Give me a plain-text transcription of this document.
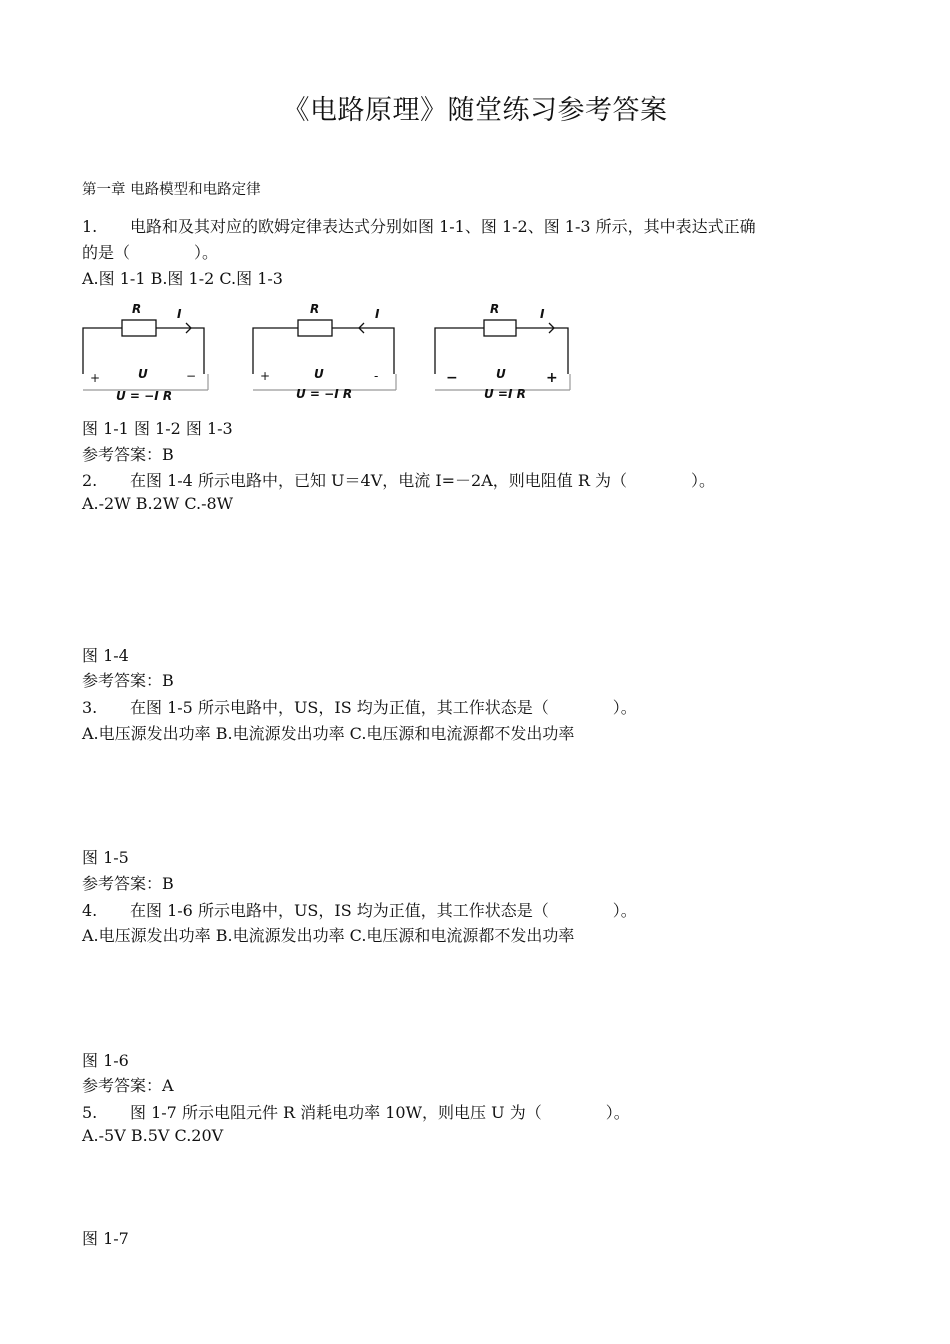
《电路原理》随堂练习参考答案
第一章 电路模型和电路定律
1. 电路和及其对应的欧姆定律表达式分别如图 1-1、图 1-2、图 1-3 所示，其中表达式正确
的是（　　　　）。
A.图 1-1 B.图 1-2 C.图 1-3
R	I
U
+	−
U = −I R
R	I
U
+	-
U = −I R
R	I
U
−	+
U =I R
图 1-1 图 1-2 图 1-3
参考答案：B
2. 在图 1-4 所示电路中，已知 U＝4V，电流 I=－2A，则电阻值 R 为（　　　　）。
A.-2W B.2W C.-8W
图 1-4
参考答案：B
3. 在图 1-5 所示电路中，US，IS 均为正值，其工作状态是（　　　　）。
A.电压源发出功率 B.电流源发出功率 C.电压源和电流源都不发出功率
图 1-5
参考答案：B
4. 在图 1-6 所示电路中，US，IS 均为正值，其工作状态是（　　　　）。
A.电压源发出功率 B.电流源发出功率 C.电压源和电流源都不发出功率
图 1-6
参考答案：A
5. 图 1-7 所示电阻元件 R 消耗电功率 10W，则电压 U 为（　　　　）。
A.-5V B.5V C.20V
图 1-7
